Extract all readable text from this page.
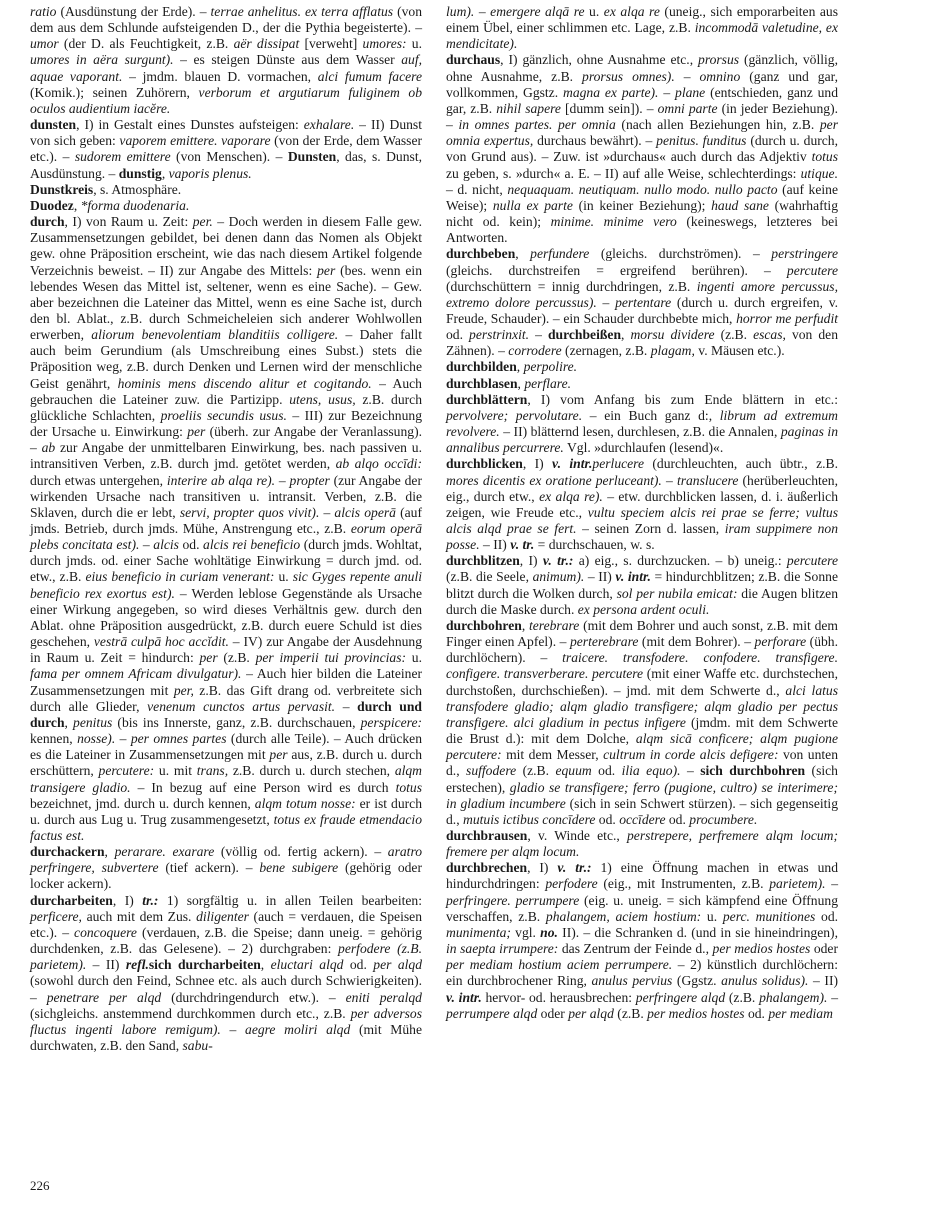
ratio (Ausdünstung der Erde). – terrae anhelitus. ex terra afflatus (von dem aus dem Schlunde aufsteigenden D., der die Pythia begeisterte). – umor (der D. als Feuchtigkeit, z.B. aër dissipat [verweht] umores: u. umores in aëra surgunt). – es steigen Dünste aus dem Wasser auf, aquae vaporant. – jmdm. blauen D. vormachen, alci fumum facere (Komik.); seinen Zuhörern, verborum et argutiarum fuliginem ob oculos audientium iacĕre.

dunsten, I) in Gestalt eines Dunstes aufsteigen: exhalare. – II) Dunst von sich geben: vaporem emittere. vaporare (von der Erde, dem Wasser etc.). – sudorem emittere (von Menschen). – Dunsten, das, s. Dunst, Ausdünstung. – dunstig, vaporis plenus.

Dunstkreis, s. Atmosphäre.

Duodez, *forma duodenaria.

durch, I) von Raum u. Zeit: per. – Doch werden in diesem Falle gew. Zusammensetzungen gebildet, bei denen dann das Nomen als Objekt gew. ohne Präposition erscheint, wie das nach diesem Artikel folgende Verzeichnis beweist. – II) zur Angabe des Mittels: per (bes. wenn ein lebendes Wesen das Mittel ist, seltener, wenn es eine Sache). – Gew. aber bezeichnen die Lateiner das Mittel, wenn es eine Sache ist, durch den bl. Ablat., z.B. durch Schmeicheleien sich anderer Wohlwollen erwerben, aliorum benevolentiam blanditiis colligere. – Daher fallt auch beim Gerundium (als Umschreibung eines Subst.) stets die Präposition weg, z.B. durch Denken und Lernen wird der menschliche Geist genährt, hominis mens discendo alitur et cogitando. – Auch gebrauchen die Lateiner zuw. die Partizipp. utens, usus, z.B. durch glückliche Schlachten, proeliis secundis usus. – III) zur Bezeichnung der Ursache u. Einwirkung: per (überh. zur Angabe der Veranlassung). – ab zur Angabe der unmittelbaren Einwirkung, bes. nach passiven u. intransitiven Verben, z.B. durch jmd. getötet werden, ab alqo occīdi: durch etwas untergehen, interire ab alqa re). – propter (zur Angabe der wirkenden Ursache nach transitiven u. intransit. Verben, z.B. die Sklaven, durch die er lebt, servi, propter quos vivit). – alcis operā (auf jmds. Betrieb, durch jmds. Mühe, Anstrengung etc., z.B. eorum operā plebs concitata est). – alcis od. alcis rei beneficio (durch jmds. Wohltat, durch jmds. od. einer Sache wohltätige Einwirkung = durch jmd. od. etw., z.B. eius beneficio in curiam venerant: u. sic Gyges repente anuli beneficio rex exortus est). – Werden leblose Gegenstände als Ursache einer Wirkung angegeben, so wird dieses Verhältnis gew. durch den Ablat. ohne Präposition ausgedrückt, z.B. durch euere Schuld ist dies geschehen, vestrā culpā hoc accĭdit. – IV) zur Angabe der Ausdehnung in Raum u. Zeit = hindurch: per (z.B. per imperii tui provincias: u. fama per omnem Africam divulgatur). – Auch hier bilden die Lateiner Zusammensetzungen mit per, z.B. das Gift drang od. verbreitete sich durch alle Glieder, venenum cunctos artus pervasit. – durch und durch, penitus (bis ins Innerste, ganz, z.B. durchschauen, perspicere: kennen, nosse). – per omnes partes (durch alle Teile). – Auch drücken es die Lateiner in Zusammensetzungen mit per aus, z.B. durch u. durch erschüttern, percutere: u. mit trans, z.B. durch u. durch stechen, alqm transigere gladio. – In bezug auf eine Person wird es durch totus bezeichnet, jmd. durch u. durch kennen, alqm totum nosse: er ist durch u. durch aus Lug u. Trug zusammengesetzt, totus ex fraude etmendacio factus est.

durchackern, perarare. exarare (völlig od. fertig ackern). – aratro perfringere, subvertere (tief ackern). – bene subigere (gehörig oder locker ackern).

durcharbeiten, I) tr.: 1) sorgfältig u. in allen Teilen bearbeiten: perficere, auch mit dem Zus. diligenter (auch = verdauen, die Speisen etc.). – concoquere (verdauen, z.B. die Speise; dann uneig. = gehörig durchdenken, z.B. das Gelesene). – 2) durchgraben: perfodere (z.B. parietem). – II) refl.sich durcharbeiten, eluctari alqd od. per alqd (sowohl durch den Feind, Schnee etc. als auch durch Schwierigkeiten). – penetrare per alqd (durchdringendurch etw.). – eniti peralqd (sichgleichs. anstemmend durchkommen durch etc., z.B. per adversos fluctus ingenti labore remigum). – aegre moliri alqd (mit Mühe durchwaten, z.B. den Sand, sabu-

lum). – emergere alqā re u. ex alqa re (uneig., sich emporarbeiten aus einem Übel, einer schlimmen etc. Lage, z.B. incommodā valetudine, ex mendicitate).

durchaus, I) gänzlich, ohne Ausnahme etc., prorsus (gänzlich, völlig, ohne Ausnahme, z.B. prorsus omnes). – omnino (ganz und gar, vollkommen, Ggstz. magna ex parte). – plane (entschieden, ganz und gar, z.B. nihil sapere [dumm sein]). – omni parte (in jeder Beziehung). – in omnes partes. per omnia (nach allen Beziehungen hin, z.B. per omnia expertus, durchaus bewährt). – penitus. funditus (durch u. durch, von Grund aus). – Zuw. ist »durchaus« auch durch das Adjektiv totus zu geben, s. »durch« a. E. – II) auf alle Weise, schlechterdings: utique. – d. nicht, nequaquam. neutiquam. nullo modo. nullo pacto (auf keine Weise); nulla ex parte (in keiner Beziehung); haud sane (wahrhaftig nicht od. kein); minime. minime vero (keineswegs, letzteres bei Antworten.

durchbeben, perfundere (gleichs. durchströmen). – perstringere (gleichs. durchstreifen = ergreifend berühren). – percutere (durchschüttern = innig durchdringen, z.B. ingenti amore percussus, extremo dolore percussus). – pertentare (durch u. durch ergreifen, v. Freude, Schauder). – ein Schauder durchbebte mich, horror me perfudit od. perstrinxit. – durchbeißen, morsu dividere (z.B. escas, von den Zähnen). – corrodere (zernagen, z.B. plagam, v. Mäusen etc.).

durchbilden, perpolire.

durchblasen, perflare.

durchblättern, I) vom Anfang bis zum Ende blättern in etc.: pervolvere; pervolutare. – ein Buch ganz d:, librum ad extremum revolvere. – II) blätternd lesen, durchlesen, z.B. die Annalen, paginas in annalibus percurrere. Vgl. »durchlaufen (lesend)«.

durchblicken, I) v. intr.perlucere (durchleuchten, auch übtr., z.B. mores dicentis ex oratione perluceant). – translucere (herüberleuchten, eig., durch etw., ex alqa re). – etw. durchblicken lassen, d. i. äußerlich zeigen, wie Freude etc., vultu speciem alcis rei prae se ferre; vultus alcis alqd prae se fert. – seinen Zorn d. lassen, iram suppimere non posse. – II) v. tr. = durchschauen, w. s.

durchblitzen, I) v. tr.: a) eig., s. durchzucken. – b) uneig.: percutere (z.B. die Seele, animum). – II) v. intr. = hindurchblitzen; z.B. die Sonne blitzt durch die Wolken durch, sol per nubila emicat: die Augen blitzen durch die Maske durch. ex persona ardent oculi.

durchbohren, terebrare (mit dem Bohrer und auch sonst, z.B. mit dem Finger einen Apfel). – perterebrare (mit dem Bohrer). – perforare (übh. durchlöchern). – traicere. transfodere. confodere. transfigere. configere. transverberare. percutere (mit einer Waffe etc. durchstechen, durchstoßen, durchschießen). – jmd. mit dem Schwerte d., alci latus transfodere gladio; alqm gladio transfigere; alqm gladio per pectus transfigere. alci gladium in pectus infigere (jmdm. mit dem Schwerte die Brust d.): mit dem Dolche, alqm sicā conficere; alqm pugione percutere: mit dem Messer, cultrum in corde alcis defigere: von unten d., suffodere (z.B. equum od. ilia equo). – sich durchbohren (sich erstechen), gladio se transfigere; ferro (pugione, cultro) se interimere; in gladium incumbere (sich in sein Schwert stürzen). – sich gegenseitig d., mutuis ictibus concīdere od. occīdere od. procumbere.

durchbrausen, v. Winde etc., perstrepere, perfremere alqm locum; fremere per alqm locum.

durchbrechen, I) v. tr.: 1) eine Öffnung machen in etwas und hindurchdringen: perfodere (eig., mit Instrumenten, z.B. parietem). – perfringere. perrumpere (eig. u. uneig. = sich kämpfend eine Öffnung verschaffen, z.B. phalangem, aciem hostium: u. perc. munitiones od. munimenta; vgl. no. II). – die Schranken d. (und in sie hineindringen), in saepta irrumpere: das Zentrum der Feinde d., per medios hostes oder per mediam hostium aciem perrumpere. – 2) künstlich durchlöchern: ein durchbrochener Ring, anulus pervius (Ggstz. anulus solidus). – II) v. intr. hervor- od. herausbrechen: perfringere alqd (z.B. phalangem). – perrumpere alqd oder per alqd (z.B. per medios hostes od. per mediam

226
